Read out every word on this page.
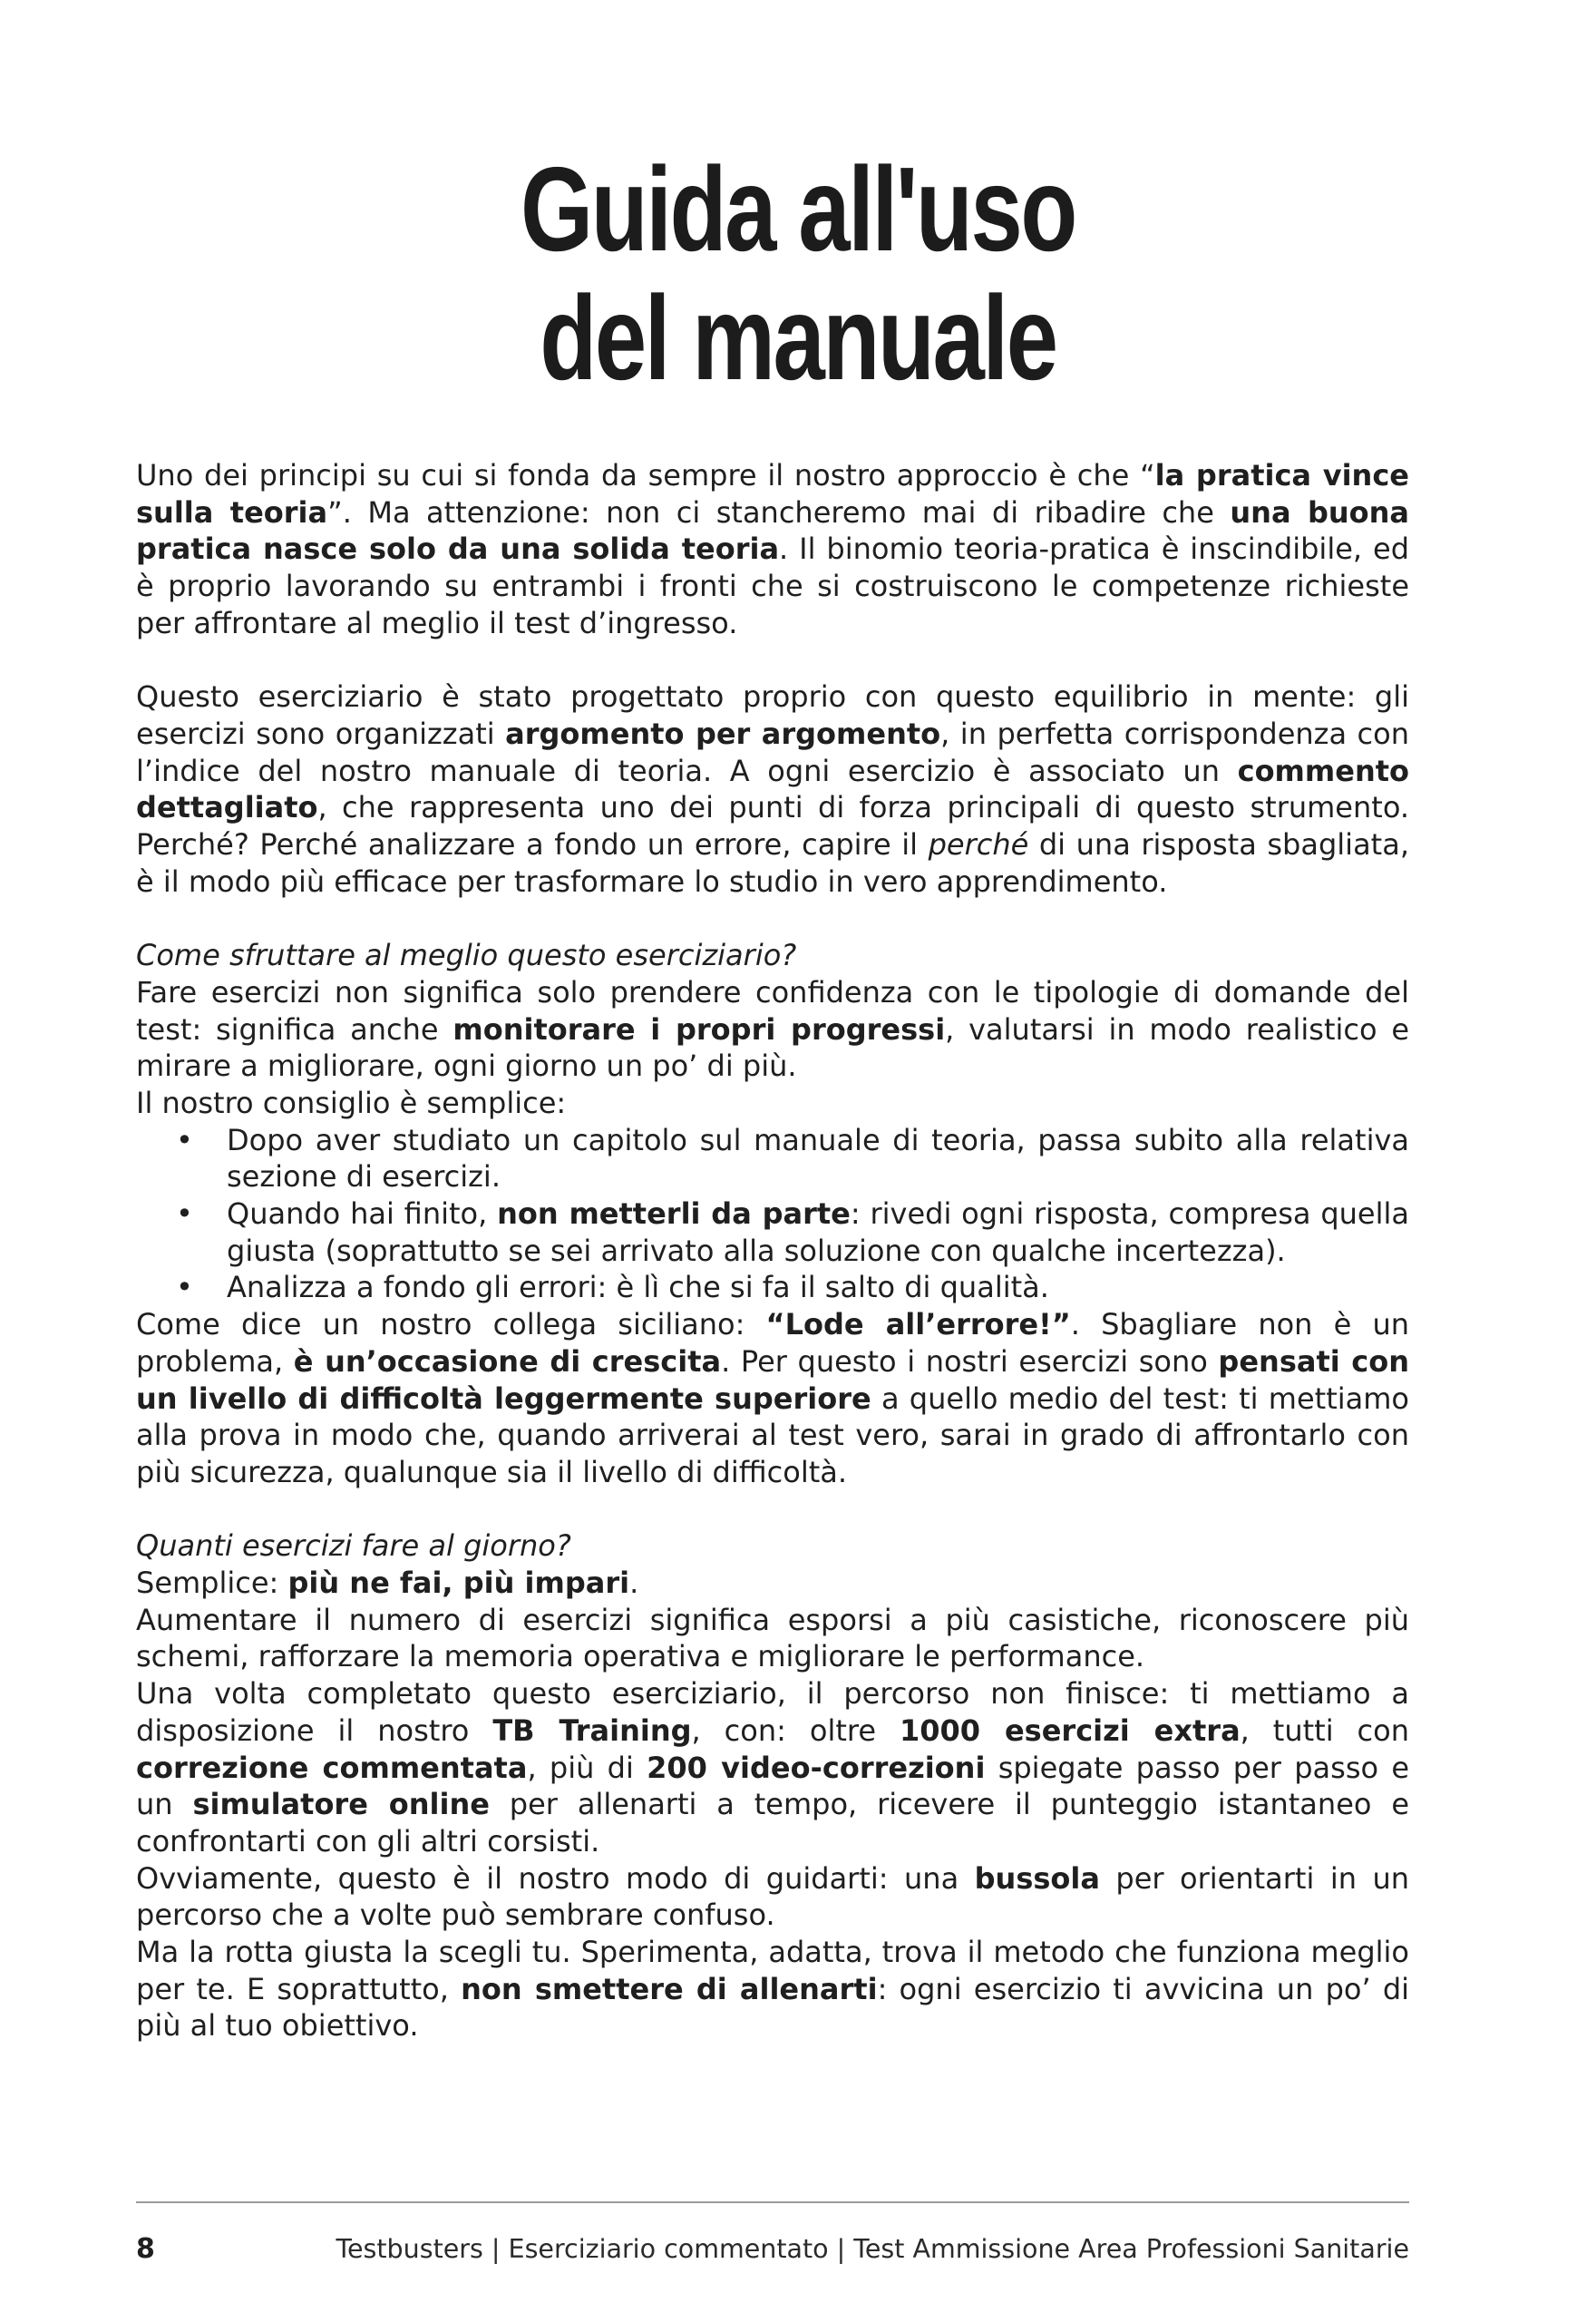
Guida all'uso
del manuale

Uno dei principi su cui si fonda da sempre il nostro approccio è che “la pratica vince sulla teoria”. Ma attenzione: non ci stancheremo mai di ribadire che una buona pratica nasce solo da una solida teoria. Il binomio teoria-pratica è inscindibile, ed è proprio lavorando su entrambi i fronti che si costruiscono le competenze richieste per affrontare al meglio il test d’ingresso.

Questo eserciziario è stato progettato proprio con questo equilibrio in mente: gli esercizi sono organizzati argomento per argomento, in perfetta corrispondenza con l’indice del nostro manuale di teoria. A ogni esercizio è associato un commento dettagliato, che rappresenta uno dei punti di forza principali di questo strumento. Perché? Perché analizzare a fondo un errore, capire il perché di una risposta sbagliata, è il modo più efficace per trasformare lo studio in vero apprendimento.

Come sfruttare al meglio questo eserciziario?

Fare esercizi non significa solo prendere confidenza con le tipologie di domande del test: significa anche monitorare i propri progressi, valutarsi in modo realistico e mirare a migliorare, ogni giorno un po’ di più.

Il nostro consiglio è semplice:

• Dopo aver studiato un capitolo sul manuale di teoria, passa subito alla relativa sezione di esercizi.
• Quando hai finito, non metterli da parte: rivedi ogni risposta, compresa quella giusta (soprattutto se sei arrivato alla soluzione con qualche incertezza).
• Analizza a fondo gli errori: è lì che si fa il salto di qualità.

Come dice un nostro collega siciliano: “Lode all’errore!”. Sbagliare non è un problema, è un’occasione di crescita. Per questo i nostri esercizi sono pensati con un livello di difficoltà leggermente superiore a quello medio del test: ti mettiamo alla prova in modo che, quando arriverai al test vero, sarai in grado di affrontarlo con più sicurezza, qualunque sia il livello di difficoltà.

Quanti esercizi fare al giorno?

Semplice: più ne fai, più impari.

Aumentare il numero di esercizi significa esporsi a più casistiche, riconoscere più schemi, rafforzare la memoria operativa e migliorare le performance.

Una volta completato questo eserciziario, il percorso non finisce: ti mettiamo a disposizione il nostro TB Training, con: oltre 1000 esercizi extra, tutti con correzione commentata, più di 200 video-correzioni spiegate passo per passo e un simulatore online per allenarti a tempo, ricevere il punteggio istantaneo e confrontarti con gli altri corsisti.

Ovviamente, questo è il nostro modo di guidarti: una bussola per orientarti in un percorso che a volte può sembrare confuso.

Ma la rotta giusta la scegli tu. Sperimenta, adatta, trova il metodo che funziona meglio per te. E soprattutto, non smettere di allenarti: ogni esercizio ti avvicina un po’ di più al tuo obiettivo.

8	Testbusters | Eserciziario commentato | Test Ammissione Area Professioni Sanitarie
